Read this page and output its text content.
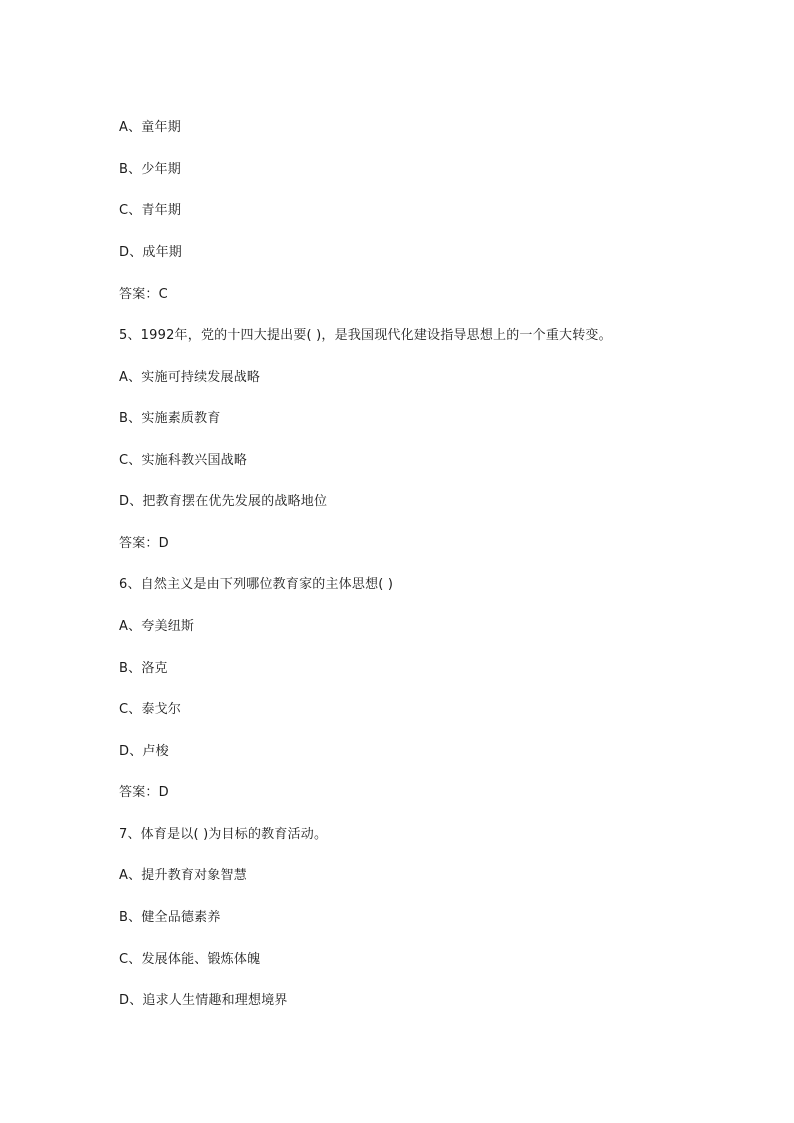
A、童年期
B、少年期
C、青年期
D、成年期
答案：C
5、1992年，党的十四大提出要( )，是我国现代化建设指导思想上的一个重大转变。
A、实施可持续发展战略
B、实施素质教育
C、实施科教兴国战略
D、把教育摆在优先发展的战略地位
答案：D
6、自然主义是由下列哪位教育家的主体思想( )
A、夸美纽斯
B、洛克
C、泰戈尔
D、卢梭
答案：D
7、体育是以( )为目标的教育活动。
A、提升教育对象智慧
B、健全品德素养
C、发展体能、锻炼体魄
D、追求人生情趣和理想境界
